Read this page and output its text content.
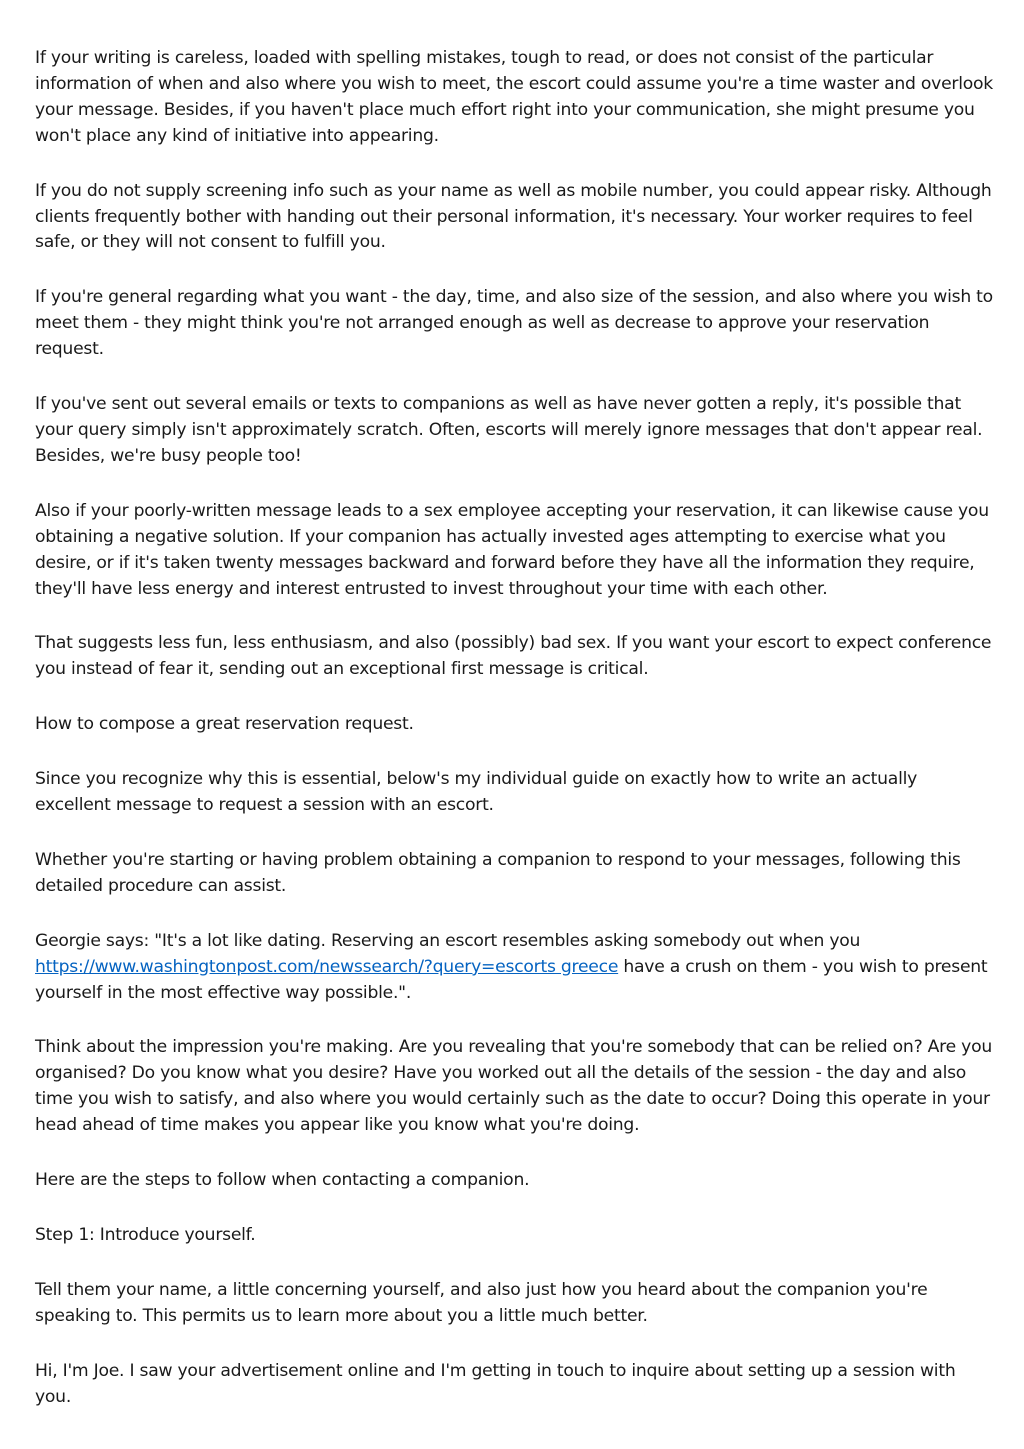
If your writing is careless, loaded with spelling mistakes, tough to read, or does not consist of the particular information of when and also where you wish to meet, the escort could assume you're a time waster and overlook your message. Besides, if you haven't place much effort right into your communication, she might presume you won't place any kind of initiative into appearing.

If you do not supply screening info such as your name as well as mobile number, you could appear risky. Although clients frequently bother with handing out their personal information, it's necessary. Your worker requires to feel safe, or they will not consent to fulfill you.

If you're general regarding what you want - the day, time, and also size of the session, and also where you wish to meet them - they might think you're not arranged enough as well as decrease to approve your reservation request.

If you've sent out several emails or texts to companions as well as have never gotten a reply, it's possible that your query simply isn't approximately scratch. Often, escorts will merely ignore messages that don't appear real. Besides, we're busy people too!

Also if your poorly-written message leads to a sex employee accepting your reservation, it can likewise cause you obtaining a negative solution. If your companion has actually invested ages attempting to exercise what you desire, or if it's taken twenty messages backward and forward before they have all the information they require, they'll have less energy and interest entrusted to invest throughout your time with each other.

That suggests less fun, less enthusiasm, and also (possibly) bad sex. If you want your escort to expect conference you instead of fear it, sending out an exceptional first message is critical.

How to compose a great reservation request.

Since you recognize why this is essential, below's my individual guide on exactly how to write an actually excellent message to request a session with an escort.

Whether you're starting or having problem obtaining a companion to respond to your messages, following this detailed procedure can assist.

Georgie says: "It's a lot like dating. Reserving an escort resembles asking somebody out when you https://www.washingtonpost.com/newssearch/?query=escorts greece have a crush on them - you wish to present yourself in the most effective way possible.".

Think about the impression you're making. Are you revealing that you're somebody that can be relied on? Are you organised? Do you know what you desire? Have you worked out all the details of the session - the day and also time you wish to satisfy, and also where you would certainly such as the date to occur? Doing this operate in your head ahead of time makes you appear like you know what you're doing.

Here are the steps to follow when contacting a companion.

Step 1: Introduce yourself.

Tell them your name, a little concerning yourself, and also just how you heard about the companion you're speaking to. This permits us to learn more about you a little much better.

Hi, I'm Joe. I saw your advertisement online and I'm getting in touch to inquire about setting up a session with you.
